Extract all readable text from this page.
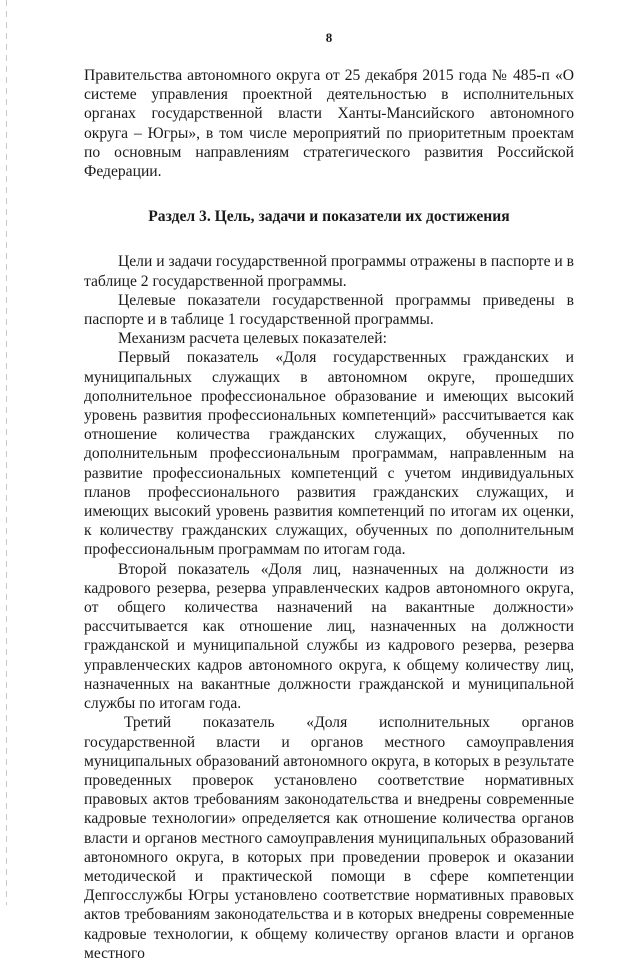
8

Правительства автономного округа от 25 декабря 2015 года № 485-п «О системе управления проектной деятельностью в исполнительных органах государственной власти Ханты-Мансийского автономного округа – Югры», в том числе мероприятий по приоритетным проектам по основным направлениям стратегического развития Российской Федерации.

Раздел 3. Цель, задачи и показатели их достижения

Цели и задачи государственной программы отражены в паспорте и в таблице 2 государственной программы.

Целевые показатели государственной программы приведены в паспорте и в таблице 1 государственной программы.

Механизм расчета целевых показателей:

Первый показатель «Доля государственных гражданских и муниципальных служащих в автономном округе, прошедших дополнительное профессиональное образование и имеющих высокий уровень развития профессиональных компетенций» рассчитывается как отношение количества гражданских служащих, обученных по дополнительным профессиональным программам, направленным на развитие профессиональных компетенций с учетом индивидуальных планов профессионального развития гражданских служащих, и имеющих высокий уровень развития компетенций по итогам их оценки, к количеству гражданских служащих, обученных по дополнительным профессиональным программам по итогам года.

Второй показатель «Доля лиц, назначенных на должности из кадрового резерва, резерва управленческих кадров автономного округа, от общего количества назначений на вакантные должности» рассчитывается как отношение лиц, назначенных на должности гражданской и муниципальной службы из кадрового резерва, резерва управленческих кадров автономного округа, к общему количеству лиц, назначенных на вакантные должности гражданской и муниципальной службы по итогам года.

Третий показатель «Доля исполнительных органов государственной власти и органов местного самоуправления муниципальных образований автономного округа, в которых в результате проведенных проверок установлено соответствие нормативных правовых актов требованиям законодательства и внедрены современные кадровые технологии» определяется как отношение количества органов власти и органов местного самоуправления муниципальных образований автономного округа, в которых при проведении проверок и оказании методической и практической помощи в сфере компетенции Депгосслужбы Югры установлено соответствие нормативных правовых актов требованиям законодательства и в которых внедрены современные кадровые технологии, к общему количеству органов власти и органов местного
